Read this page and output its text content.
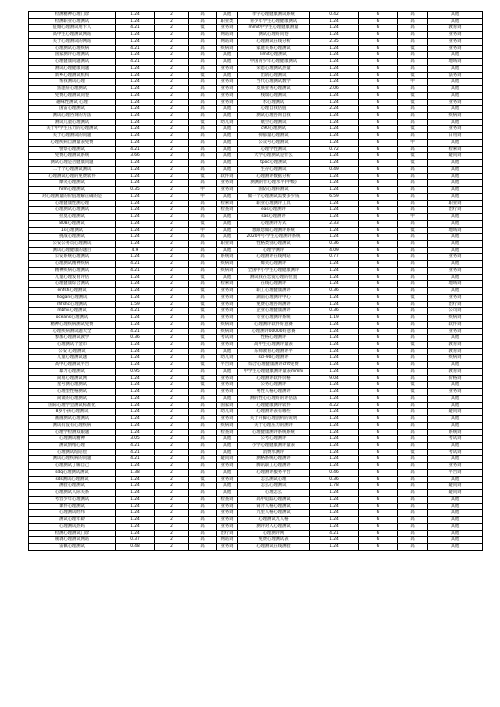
检测精神心理门诊	1.24	2	高	其他	孝字心理健康测试系统	0.42	6	高	其他
检测职业心理测试	1.24	2	高	职业类	青少年学生心理健康测试	1.24	6	高	其他
征婚心理测试用卡人	4.21	2	低	业务词	mmit中学生心理健康测量	1.24	6	高	教育词
高中生心理测试网站	1.24	2	高	网站词	测试心理好问卷	1.24	6	高	业务词
关于心理测试的网站	1.24	2	高	网站词	心理测试在线分析	2.35	6	高	业务词
心理测试心理疾病	4.21	2	高	疾病词	家庭关系心理测试	1.24	6	低	业务词
国家测评心理测试	1.24	2	高	其他	limit心理测试	1.24	6	高	其他
心理健康问题测试	4.21	2	高	其他	中国青少年心理健康测试	1.24	6	高	地域词
测试心理健康问题	1.24	2	高	业务词	荣恩心理测试热量	1.24	6	高	其他
新乡心理测试机构	1.24	2	低	其他	出轨心理测试	1.24	6	低	法务词
帮我测试心理	1.24	2	高	业务词	当代心理测试数学	1.24	6	中	其他
焦虑症心理测试	1.24	2	高	业务词	皮肤业务心理测试	2.06	6	高	其他
免费心理测试问卷	1.24	2	高	业务词	栈瑞心理测试	1.24	6	低	其他
趣味性测试 心理	1.24	2	高	业务词	水心理测试	1.24	6	低	业务词
国雷心理测试	1.24	2	高	其他	心理自我估值	2.24	6	高	其他
测试心理咨询的方法	1.24	2	高	其他	测试心理咨询自我	1.24	6	高	疾病词
测试儿童心理测试	1.24	2	低	幼儿词	航空心理测试	1.24	6	高	其他
关于中学生压力的心理测试	1.24	2	高	其他	c90心理测试	1.24	6	低	业务词
关于心理测试的问题	1.24	2	高	其他	抑郁量心理测试	1.24	6	高	日用词
心理疾病自测量表免费	1.24	2	高	其他	公众号心理测试	1.24	6	中	其他
警察心理测试	4.21	2	高	其他	心理学性测试	0.72	6	高	检索词
免费心理测试系统	3.66	2	高	其他	大学心理测试是什么	1.24	6	低	疑问词
测试心理是否健康问题	1.24	2	高	其他	tpoc心理测试	1.24	6	低	其他
二十个心理测试测试	1.24	2	高	其他	生存心理测试	0.49	6	高	其他
心理测试心理的免费软件	1.24	2	低	软件词	心理测评数据分析	1.24	6	高	其他
爆笑心理测试	1.24	2	高	业务词	测测的什心理水平(中级)	1.24	6	高	其他
hrm心理测试	0.35	2	中	业务词	国防心理科测试	1.24	6	高	其他
对心理测量的价值理解正确的是	1.24	2	中	其他	做一个心理测试需要多少钱	6.59	6	高	其他
心理健康性测心理	1.24	2	高	检索词	职业心理测评工具	1.24	6	高	职业词
心理测试心理测试	1.24	2	高	检查词	eas心理测评	1.24	6	高	治疗词
拉莫心理测试	1.24	2	高	其他	sas心理测评	1.24	6	中	其他
808心理测试	1.24	2	低	其他	心理测评方式	2.33	6	高	其他
1s心理测试	1.24	2	中	其他	想跟您做心理测评系统	1.24	6	低	地域词
挑战心理测试	1.24	2	高	其他	2020中小学生心理测评系统	1.24	6	高	其他
公安公务员心理测试	1.24	2	高	职业词	性格类别心理测试	0.36	6	高	其他
测试心理健康的题目	4.9	2	高	其他	心理学测评	4.09	6	高	其他
公安系统心理测试	1.24	2	高	系统词	心理测评在线网站	0.77	6	高	业务词
心理测试精神疾病	4.21	2	高	疾病词	爆笑心理测评	1.24	6	高	其他
精神疾病心理测试	4.21	2	高	疾病词	全国中小学生心理健康测评	1.24	6	高	业务词
儿童心理发育评估	1.24	2	低	其他	测试我在恋爱心理的位置	1.24	6	高	其他
心理健康综合测试	1.24	2	高	检索词	在线心理测评	1.24	6	高	地域词
enfsh心理测试	1.24	2	低	业务词	职工心理健康测评	0.36	6	高	其他
hogan心理测试	1.24	2	高	业务词	湖南心理测评中心	1.24	6	低	业务词
rhfshc心理测试	1.59	2	低	业务词	免费心理咨询测评	1.24	6	高	治疗词
mbfvi心理测试	4.21	2	低	业务词	企业心理健康测评	0.36	6	高	公司词
oceans心理测试	1.24	2	高	业务词	专业心理测评系统	1.19	6	高	疾病词
精神心理疾病测试免费	1.24	2	高	疾病词	心理测评软件好意赛	1.24	6	高	软件词
心理疾病测试题大全	4.21	2	高	疾病词	心理测评00000好意赛	1.24	6	高	业务词
参加心理测试教学	0.36	2	低	考试词	性格心理测评	1.24	6	高	其他
心理测试个金币	1.24	2	高	业务词	高中生心理测评量表	1.24	6	低	教育词
公安 心理测试	1.24	2	高	其他	东师教育心理测评平	1.24	6	高	教育词
儿童心理测试题	1.24	2	高	幼儿词	scl-90心理测评	1.24	6	高	疾病词
高中心理测试平台	1.24	2	低	平台词	综合心理健康测评cfrt免费	1.24	6	高	其他
暴力心理测试	0.95	2	高	其他	中学生心理健康测评量表mmhi	1.24	6	高	教育词
简易心理测试网	1.24	2	低	业务词	心理测评软件价格	9.04	6	高	价格词
星号测心理测试	1.24	2	低	业务词	公务心理测评	1.24	6	低	其他
心理型性格测试	1.24	2	高	业务词	男性人格心理测评	1.24	6	低	业务词
简谈的心理测试	1.24	2	高	其他	测的性心心理好的评估法	1.24	6	高	其他
国际心理学会测试标准化	1.24	2	高	国家词	心理健康测评软件	4.22	6	高	其他
8岁小孩心理测试	1.24	2	高	幼儿词	心理测评表有哪些	1.24	6	高	疑问词
画画测试心理测试	1.24	2	高	业务词	关于开脚心理剖析的说明	1.24	6	高	其他
测试有没有心理疾病	1.24	2	高	疾病词	关于心理压力的测评	1.24	6	高	其他
心理学检测双眼题	1.24	2	高	检查词	心理健康测评系统系统	1.24	6	高	系统词
心理测试精神	3.05	2	高	其他	公考心理测评	1.24	6	高	考试词
测试情绪心理	4.21	2	高	其他	小学心理健康测评量表	1.24	6	高	其他
心理测试结陪偿	4.21	2	高	其他	消费水测评	1.24	6	低	考试词
测试心理疾病的问题	4.21	2	高	疑问词	测格系统心理测评	1.24	6	高	其他
心理测试了解自己	1.24	2	高	业务词	腾讯职工心理测评	1.24	6	高	业务词
sdq心理测试测试	1.38	2	高	其他	心理测评服务平台	0.46	6	高	平台词
sds测试心理测试	1.24	2	低	业务词	怎么测试心理	0.36	6	高	其他
测验心理测试	1.24	2	高	其他	怎么心理测试	1.78	6	高	疑问词
心理测试人际关系	1.24	2	高	其他	心理怎么	1.24	6	高	疑问词
考营少年心理测试	1.24	2	高	检查词	高中追踪心理测试	1.24	6	高	其他
课件心理测试	1.24	2	高	业务词	简介人格心理测试	1.24	6	高	其他
心理测试经纬	1.24	2	高	业务词	九里人格心理测试	1.24	6	高	其他
测试心理年龄	1.24	2	高	业务词	心理测试九人格	1.24	6	高	其他
心理测试热吗	1.24	2	高	业务词	测评对人心理测试	1.24	6	高	其他
检测心理测试门诊	1.24	2	高	治疗词	心理测评网	4.21	6	高	其他
剔剥心理测试网站	0.37	2	高	网站词	免费心理测试表	1.24	6	高	其他
雷佩心理测试	0.48	2	高	业务词	心理测试在线测验	1.24	6	高	其他
